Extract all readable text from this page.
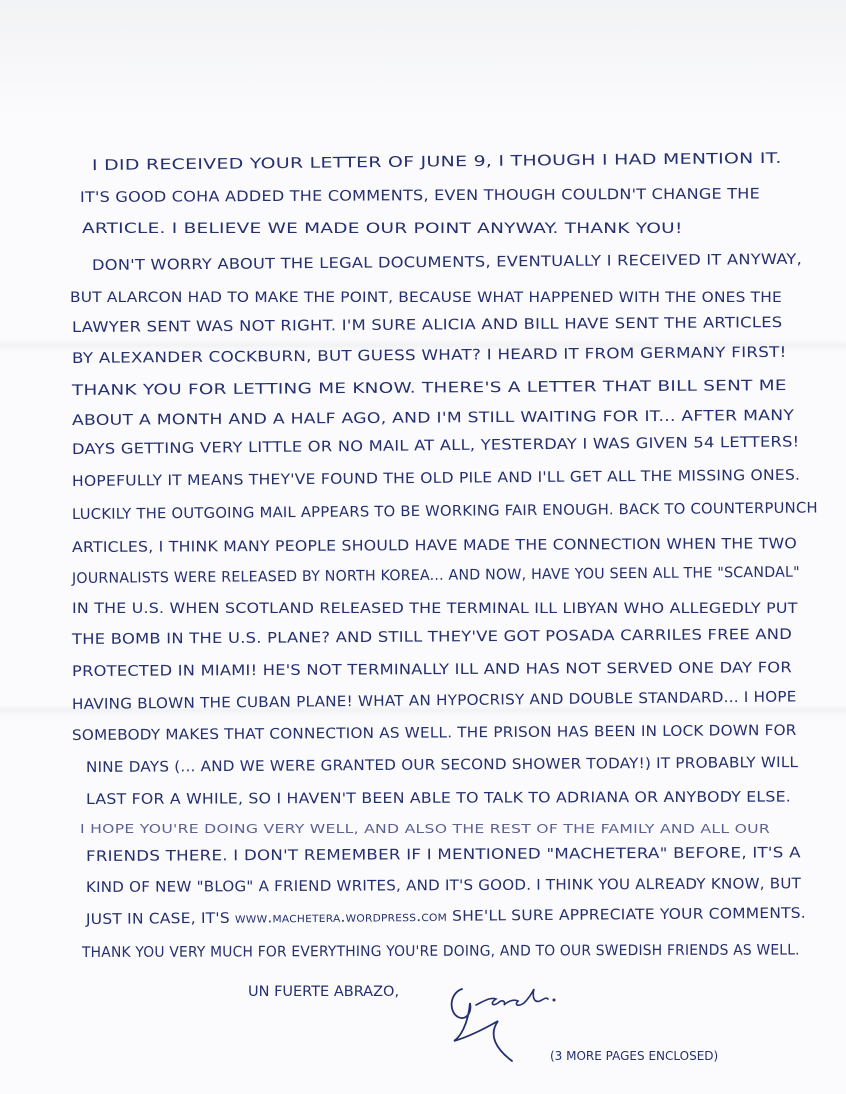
I DID RECEIVED YOUR LETTER OF JUNE 9, I THOUGH I HAD MENTION IT.
IT'S GOOD COHA ADDED THE COMMENTS, EVEN THOUGH COULDN'T CHANGE THE
ARTICLE. I BELIEVE WE MADE OUR POINT ANYWAY. THANK YOU!
DON'T WORRY ABOUT THE LEGAL DOCUMENTS, EVENTUALLY I RECEIVED IT ANYWAY,
BUT ALARCON HAD TO MAKE THE POINT, BECAUSE WHAT HAPPENED WITH THE ONES THE
LAWYER SENT WAS NOT RIGHT. I'M SURE ALICIA AND BILL HAVE SENT THE ARTICLES
BY ALEXANDER COCKBURN, BUT GUESS WHAT? I HEARD IT FROM GERMANY FIRST!
THANK YOU FOR LETTING ME KNOW. THERE'S A LETTER THAT BILL SENT ME
ABOUT A MONTH AND A HALF AGO, AND I'M STILL WAITING FOR IT... AFTER MANY
DAYS GETTING VERY LITTLE OR NO MAIL AT ALL, YESTERDAY I WAS GIVEN 54 LETTERS!
HOPEFULLY IT MEANS THEY'VE FOUND THE OLD PILE AND I'LL GET ALL THE MISSING ONES.
LUCKILY THE OUTGOING MAIL APPEARS TO BE WORKING FAIR ENOUGH. BACK TO COUNTERPUNCH
ARTICLES, I THINK MANY PEOPLE SHOULD HAVE MADE THE CONNECTION WHEN THE TWO
JOURNALISTS WERE RELEASED BY NORTH KOREA... AND NOW, HAVE YOU SEEN ALL THE "SCANDAL"
IN THE U.S. WHEN SCOTLAND RELEASED THE TERMINAL ILL LIBYAN WHO ALLEGEDLY PUT
THE BOMB IN THE U.S. PLANE? AND STILL THEY'VE GOT POSADA CARRILES FREE AND
PROTECTED IN MIAMI! HE'S NOT TERMINALLY ILL AND HAS NOT SERVED ONE DAY FOR
HAVING BLOWN THE CUBAN PLANE! WHAT AN HYPOCRISY AND DOUBLE STANDARD... I HOPE
SOMEBODY MAKES THAT CONNECTION AS WELL. THE PRISON HAS BEEN IN LOCK DOWN FOR
NINE DAYS (... AND WE WERE GRANTED OUR SECOND SHOWER TODAY!) IT PROBABLY WILL
LAST FOR A WHILE, SO I HAVEN'T BEEN ABLE TO TALK TO ADRIANA OR ANYBODY ELSE.
I HOPE YOU'RE DOING VERY WELL, AND ALSO THE REST OF THE FAMILY AND ALL OUR
FRIENDS THERE. I DON'T REMEMBER IF I MENTIONED "MACHETERA" BEFORE, IT'S A
KIND OF NEW "BLOG" A FRIEND WRITES, AND IT'S GOOD. I THINK YOU ALREADY KNOW, BUT
JUST IN CASE, IT'S www.machetera.wordpress.com SHE'LL SURE APPRECIATE YOUR COMMENTS.
THANK YOU VERY MUCH FOR EVERYTHING YOU'RE DOING, AND TO OUR SWEDISH FRIENDS AS WELL.
UN FUERTE ABRAZO,
(3 MORE PAGES ENCLOSED)
